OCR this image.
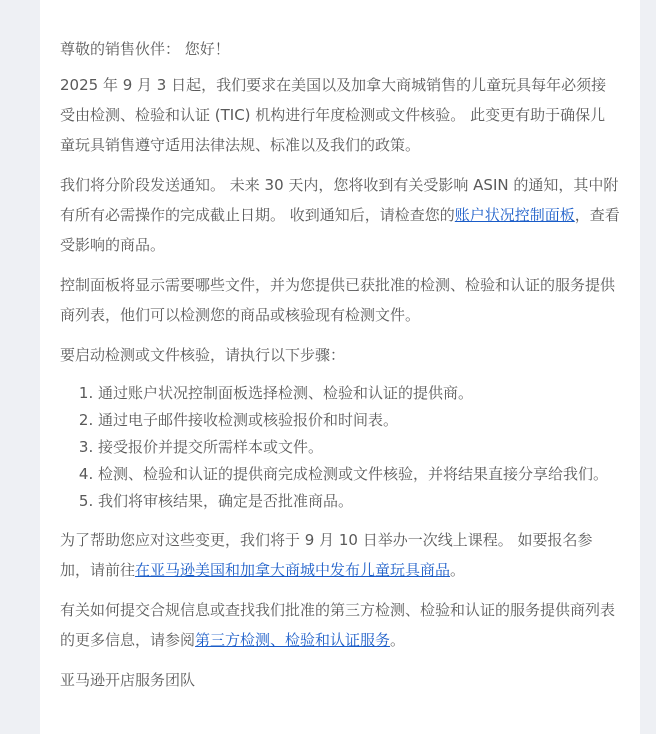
尊敬的销售伙伴： 您好！

2025 年 9 月 3 日起，我们要求在美国以及加拿大商城销售的儿童玩具每年必须接受由检测、检验和认证 (TIC) 机构进行年度检测或文件核验。 此变更有助于确保儿童玩具销售遵守适用法律法规、标准以及我们的政策。

我们将分阶段发送通知。 未来 30 天内，您将收到有关受影响 ASIN 的通知，其中附有所有必需操作的完成截止日期。 收到通知后，请检查您的账户状况控制面板，查看受影响的商品。

控制面板将显示需要哪些文件，并为您提供已获批准的检测、检验和认证的服务提供商列表，他们可以检测您的商品或核验现有检测文件。

要启动检测或文件核验，请执行以下步骤：

1. 通过账户状况控制面板选择检测、检验和认证的提供商。
2. 通过电子邮件接收检测或核验报价和时间表。
3. 接受报价并提交所需样本或文件。
4. 检测、检验和认证的提供商完成检测或文件核验，并将结果直接分享给我们。
5. 我们将审核结果，确定是否批准商品。

为了帮助您应对这些变更，我们将于 9 月 10 日举办一次线上课程。 如要报名参加，请前往在亚马逊美国和加拿大商城中发布儿童玩具商品。

有关如何提交合规信息或查找我们批准的第三方检测、检验和认证的服务提供商列表的更多信息，请参阅第三方检测、检验和认证服务。

亚马逊开店服务团队
